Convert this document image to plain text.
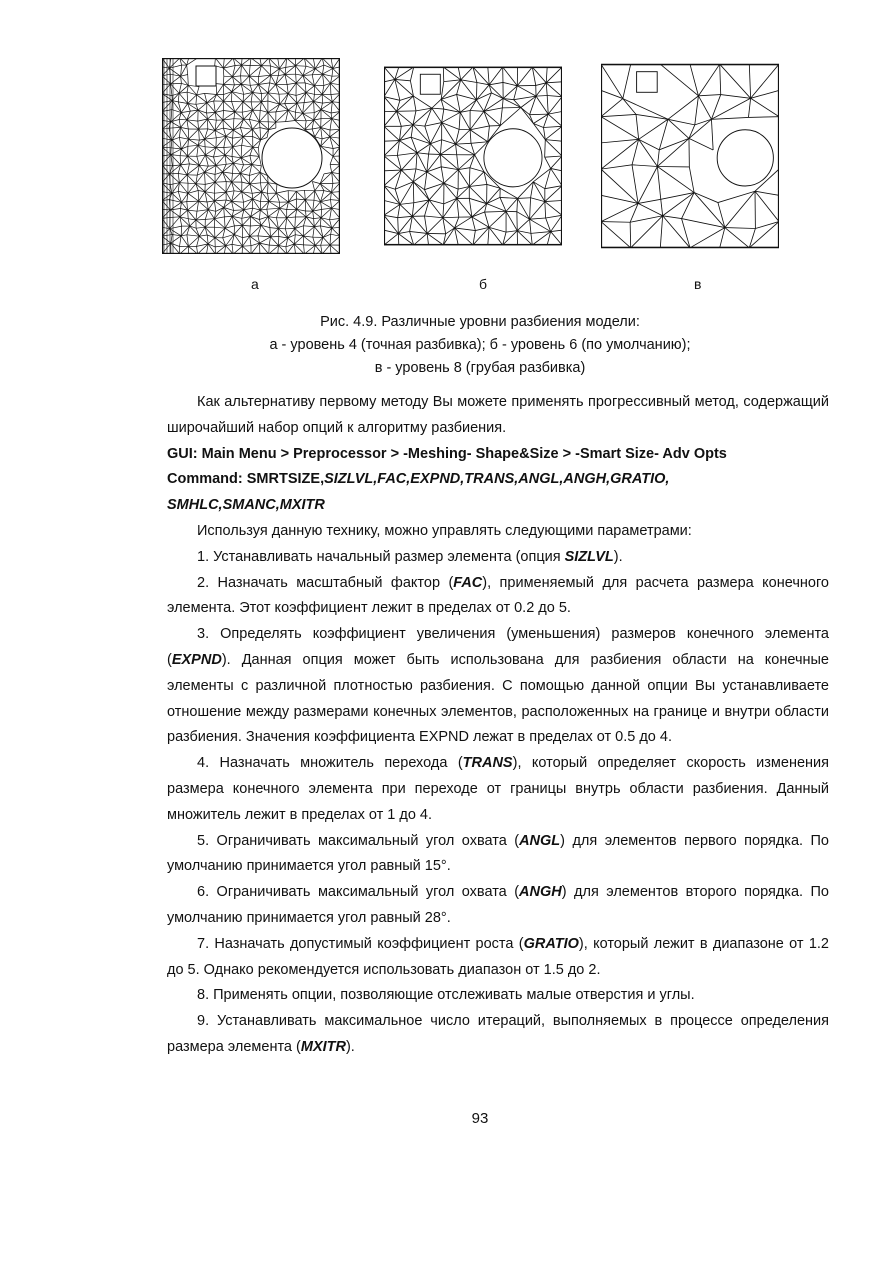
а	б	в
Рис. 4.9. Различные уровни разбиения модели:
а - уровень 4 (точная разбивка); б - уровень 6 (по умолчанию);
в - уровень 8 (грубая разбивка)

Как альтернативу первому методу Вы можете применять прогрессивный метод, содержащий широчайший набор опций к алгоритму разбиения.

GUI: Main Menu > Preprocessor > -Meshing- Shape&Size > -Smart Size- Adv Opts

Command: SMRTSIZE,SIZLVL,FAC,EXPND,TRANS,ANGL,ANGH,GRATIO,
SMHLC,SMANC,MXITR

Используя данную технику, можно управлять следующими параметрами:

1. Устанавливать начальный размер элемента (опция SIZLVL).

2. Назначать масштабный фактор (FAC), применяемый для расчета размера конечного элемента. Этот коэффициент лежит в пределах от 0.2 до 5.

3. Определять коэффициент увеличения (уменьшения) размеров конечного элемента (EXPND). Данная опция может быть использована для разбиения области на конечные элементы с различной плотностью разбиения. С помощью данной опции Вы устанавливаете отношение между размерами конечных элементов, расположенных на границе и внутри области разбиения. Значения коэффициента EXPND лежат в пределах от 0.5 до 4.

4. Назначать множитель перехода (TRANS), который определяет скорость изменения размера конечного элемента при переходе от границы внутрь области разбиения. Данный множитель лежит в пределах от 1 до 4.

5. Ограничивать максимальный угол охвата (ANGL) для элементов первого порядка. По умолчанию принимается угол равный 15°.

6. Ограничивать максимальный угол охвата (ANGH) для элементов второго порядка. По умолчанию принимается угол равный 28°.

7. Назначать допустимый коэффициент роста (GRATIO), который лежит в диапазоне от 1.2 до 5. Однако рекомендуется использовать диапазон от 1.5 до 2.

8. Применять опции, позволяющие отслеживать малые отверстия и углы.

9. Устанавливать максимальное число итераций, выполняемых в процессе определения размера элемента (MXITR).

93
